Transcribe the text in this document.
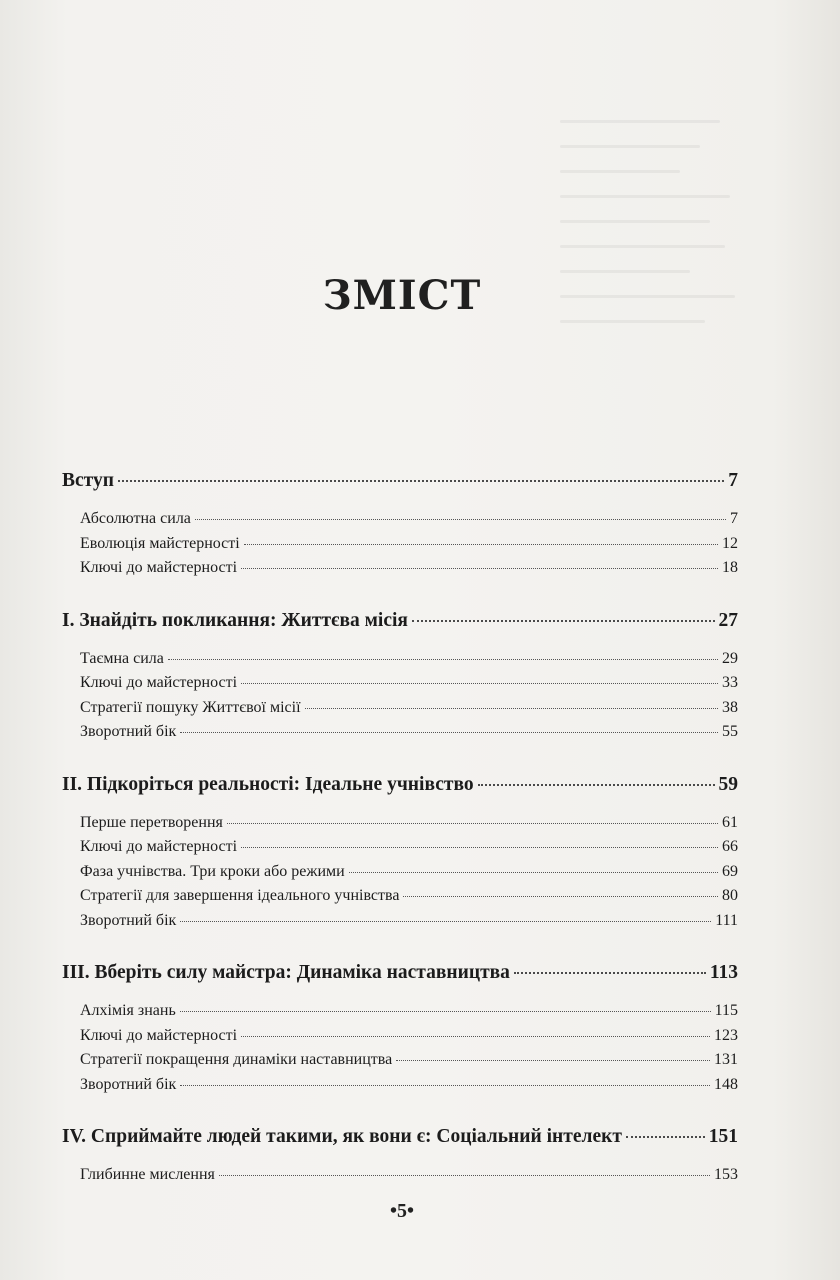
ЗМІСТ
Вступ	7
Абсолютна сила	7
Еволюція майстерності	12
Ключі до майстерності	18
I. Знайдіть покликання: Життєва місія	27
Таємна сила	29
Ключі до майстерності	33
Стратегії пошуку Життєвої місії	38
Зворотний бік	55
II. Підкоріться реальності: Ідеальне учнівство	59
Перше перетворення	61
Ключі до майстерності	66
Фаза учнівства. Три кроки або режими	69
Стратегії для завершення ідеального учнівства	80
Зворотний бік	111
III. Вберіть силу майстра: Динаміка наставництва	113
Алхімія знань	115
Ключі до майстерності	123
Стратегії покращення динаміки наставництва	131
Зворотний бік	148
IV. Сприймайте людей такими, як вони є: Соціальний інтелект	151
Глибинне мислення	153
•5•
